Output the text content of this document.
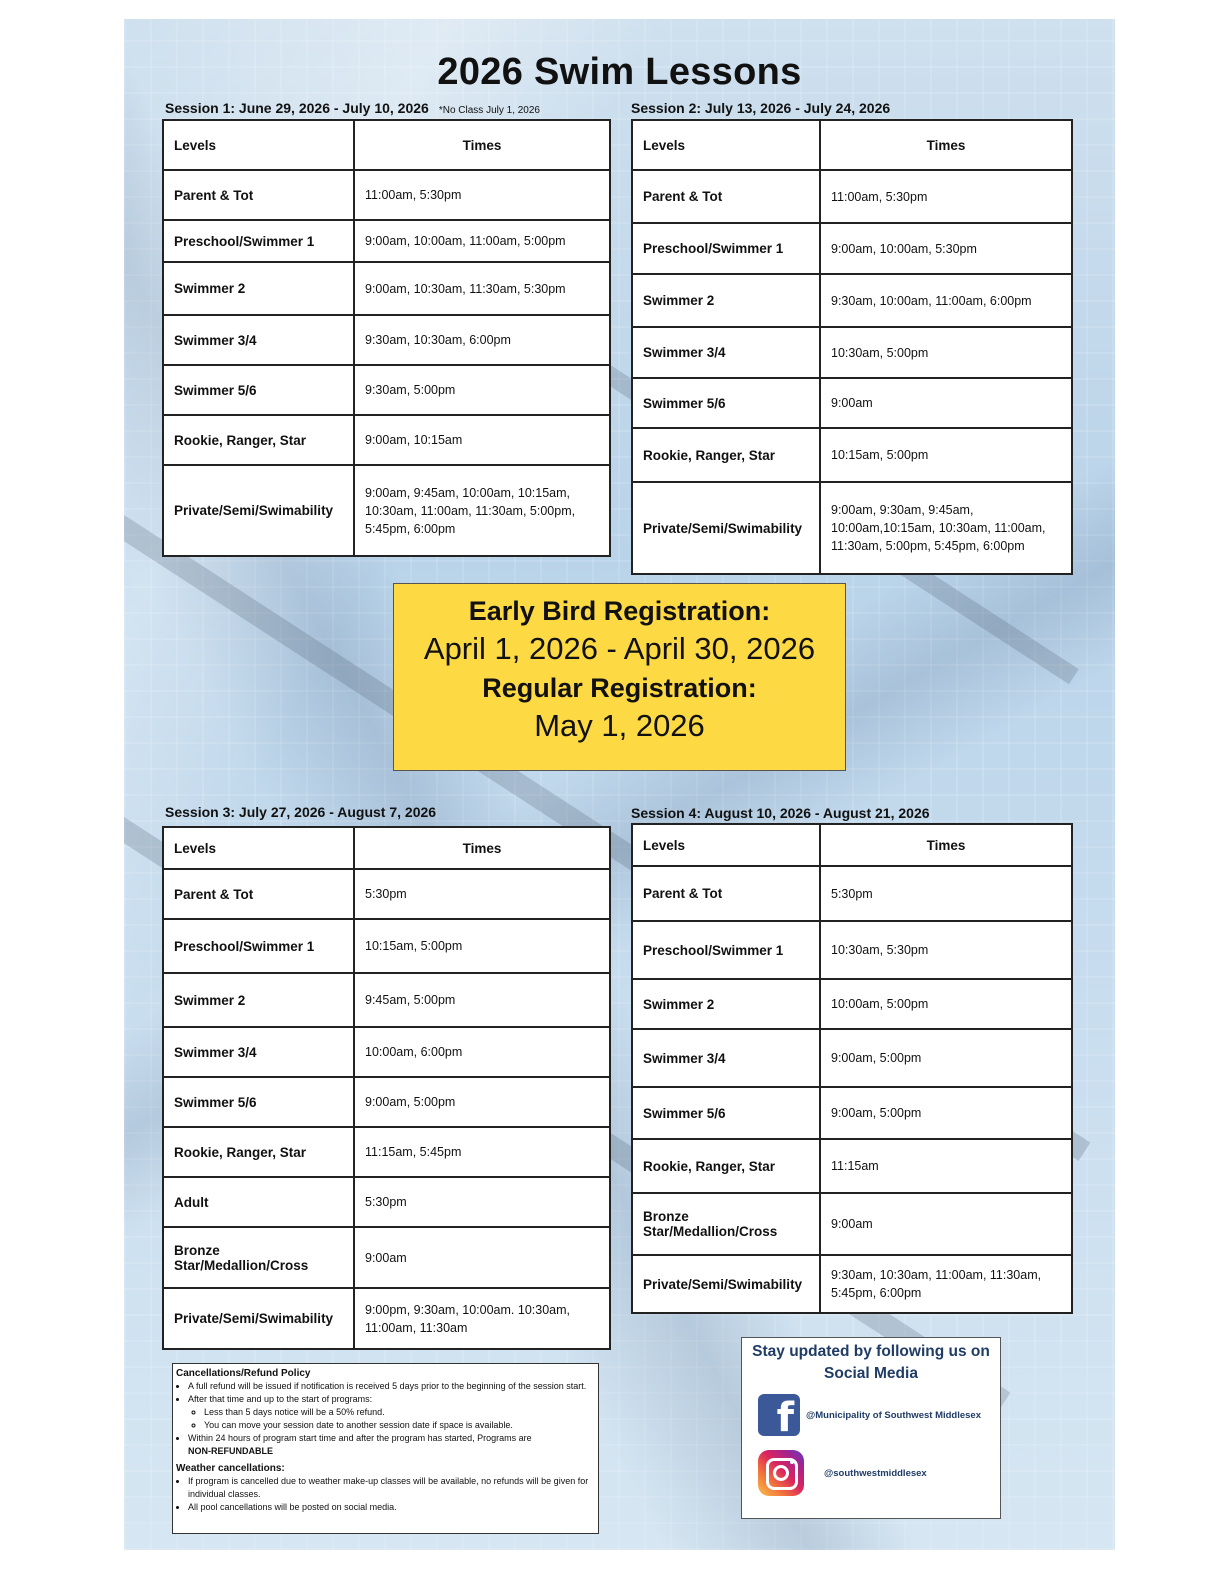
2026 Swim Lessons
Session 1: June 29, 2026 - July 10, 2026 *No Class July 1, 2026
Levels	Times
Parent & Tot	11:00am, 5:30pm
Preschool/Swimmer 1	9:00am, 10:00am, 11:00am, 5:00pm
Swimmer 2	9:00am, 10:30am, 11:30am, 5:30pm
Swimmer 3/4	9:30am, 10:30am, 6:00pm
Swimmer 5/6	9:30am, 5:00pm
Rookie, Ranger, Star	9:00am, 10:15am
Private/Semi/Swimability	9:00am, 9:45am, 10:00am, 10:15am, 10:30am, 11:00am, 11:30am, 5:00pm, 5:45pm, 6:00pm
Session 2: July 13, 2026 - July 24, 2026
Levels	Times
Parent & Tot	11:00am, 5:30pm
Preschool/Swimmer 1	9:00am, 10:00am, 5:30pm
Swimmer 2	9:30am, 10:00am, 11:00am, 6:00pm
Swimmer 3/4	10:30am, 5:00pm
Swimmer 5/6	9:00am
Rookie, Ranger, Star	10:15am, 5:00pm
Private/Semi/Swimability	9:00am, 9:30am, 9:45am, 10:00am,10:15am, 10:30am, 11:00am, 11:30am, 5:00pm, 5:45pm, 6:00pm
Early Bird Registration:
April 1, 2026 - April 30, 2026
Regular Registration:
May 1, 2026
Session 3: July 27, 2026 - August 7, 2026
Levels	Times
Parent & Tot	5:30pm
Preschool/Swimmer 1	10:15am, 5:00pm
Swimmer 2	9:45am, 5:00pm
Swimmer 3/4	10:00am, 6:00pm
Swimmer 5/6	9:00am, 5:00pm
Rookie, Ranger, Star	11:15am, 5:45pm
Adult	5:30pm
Bronze Star/Medallion/Cross	9:00am
Private/Semi/Swimability	9:00pm, 9:30am, 10:00am. 10:30am, 11:00am, 11:30am
Session 4: August 10, 2026 - August 21, 2026
Levels	Times
Parent & Tot	5:30pm
Preschool/Swimmer 1	10:30am, 5:30pm
Swimmer 2	10:00am, 5:00pm
Swimmer 3/4	9:00am, 5:00pm
Swimmer 5/6	9:00am, 5:00pm
Rookie, Ranger, Star	11:15am
Bronze Star/Medallion/Cross	9:00am
Private/Semi/Swimability	9:30am, 10:30am, 11:00am, 11:30am, 5:45pm, 6:00pm
Cancellations/Refund Policy
• A full refund will be issued if notification is received 5 days prior to the beginning of the session start.
• After that time and up to the start of programs:
◦ Less than 5 days notice will be a 50% refund.
◦ You can move your session date to another session date if space is available.
• Within 24 hours of program start time and after the program has started, Programs are
NON-REFUNDABLE
Weather cancellations:
• If program is cancelled due to weather make-up classes will be available, no refunds will be given for individual classes.
• All pool cancellations will be posted on social media.
Stay updated by following us on Social Media
f @Municipality of Southwest Middlesex
@southwestmiddlesex
